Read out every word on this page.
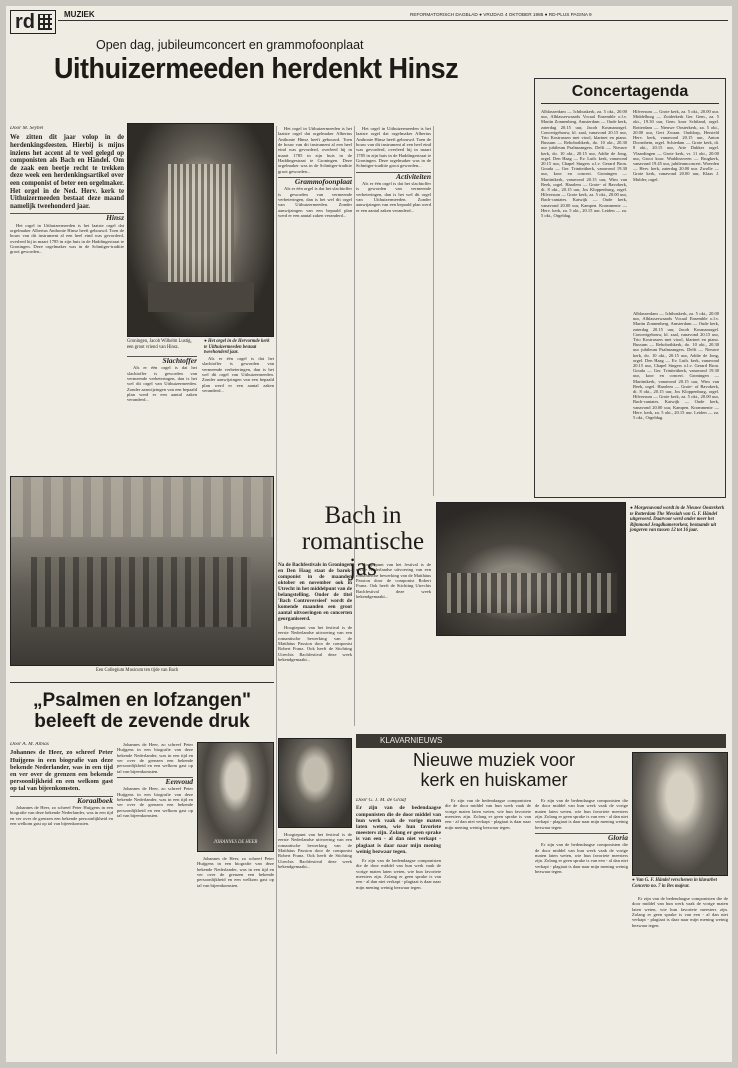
rd	MUZIEK	REFORMATORISCH DAGBLAD ● VRIJDAG 4 OKTOBER 1985 ● RD-PLUS PAGINA 9
Open dag, jubileumconcert en grammofoonplaat
Uithuizermeeden herdenkt Hinsz
Door M. Seybel
We zitten dit jaar volop in de herdenkingsfeesten. Hierbij is mijns inziens het accent al te veel gelegd op componisten als Bach en Händel. Om de zaak een beetje recht te trekken deze week een herdenkingsartikel over een componist of beter een orgelmaker. Het orgel in de Ned. Herv. kerk te Uithuizermeeden bestaat deze maand namelijk tweehonderd jaar.
Hinsz

Het orgel in Uithuizermeeden is het laatste orgel dat orgelmaker Albertus Anthonie Hinsz heeft gebouwd. Toen de bouw van dit instrument al een heel eind was gevorderd, overleed hij in maart 1785 in zijn huis in de Haddingestraat te Groningen. Deze orgelmaker was in de Schnitger-traditie groot geworden...

Groningen, Jacob Wilhelm Lustig, een groot vriend van Hinsz.
● Het orgel in de Hervormde kerk te Uithuizermeeden bestaat tweehonderd jaar.
Slachtoffer

Als er één orgel is dat het slachtoffer is geworden van vermeende verbeteringen, dan is het wel dit orgel van Uithuizermeeden. Zonder aanwijzingen van een bepaald plan werd er een aantal zaken veranderd...

Als er één orgel is dat het slachtoffer is geworden van vermeende verbeteringen, dan is het wel dit orgel van Uithuizermeeden. Zonder aanwijzingen van een bepaald plan werd er een aantal zaken veranderd...

Het orgel in Uithuizermeeden is het laatste orgel dat orgelmaker Albertus Anthonie Hinsz heeft gebouwd. Toen de bouw van dit instrument al een heel eind was gevorderd, overleed hij in maart 1785 in zijn huis in de Haddingestraat te Groningen. Deze orgelmaker was in de Schnitger-traditie groot geworden...

Grammofoonplaat

Als er één orgel is dat het slachtoffer is geworden van vermeende verbeteringen, dan is het wel dit orgel van Uithuizermeeden. Zonder aanwijzingen van een bepaald plan werd er een aantal zaken veranderd...

Het orgel in Uithuizermeeden is het laatste orgel dat orgelmaker Albertus Anthonie Hinsz heeft gebouwd. Toen de bouw van dit instrument al een heel eind was gevorderd, overleed hij in maart 1785 in zijn huis in de Haddingestraat te Groningen. Deze orgelmaker was in de Schnitger-traditie groot geworden...

Activiteiten

Als er één orgel is dat het slachtoffer is geworden van vermeende verbeteringen, dan is het wel dit orgel van Uithuizermeeden. Zonder aanwijzingen van een bepaald plan werd er een aantal zaken veranderd...

Concertagenda

Alblasserdam — Ichthuskerk, za. 5 okt., 20.00 uur, Alblasserwaards Vocaal Ensemble o.l.v. Martin Zonnenberg. Amsterdam — Oude kerk, zaterdag 20.15 uur, Jacob Kosmanorgel. Concertgebouw, kl. zaal, vanavond 20.15 uur, Trio Kostrussen met viool, klarinet en piano. Bussum — Rehobothkerk, do. 10 okt., 20.30 uur jubileum Psalmzangers. Delft — Nieuwe kerk, do. 10 okt., 20.15 uur, Addie de Jong, orgel. Den Haag — Ev. Luth. kerk, vanavond 20.15 uur, Chapel Singers o.l.v. Gerard Bron. Gouda — Ger. Triniteitkerk, vanavond 19.30 uur, koor en concert. Groningen — Martinikerk, vanavond 20.15 uur, Wim van Beek, orgel. Haarlem — Grote- of Bavokerk, di. 8 okt., 20.15 uur, Jos Kloppenburg, orgel. Hilversum — Grote kerk, za. 5 okt., 20.00 uur, Bach-cantates. Katwijk — Oude kerk, vanavond 20.00 uur, Kampen. Krommenie — Herv. kerk, za. 5 okt., 20.15 uur. Leiden — za. 5 okt., Orgeldag.

Hilversum — Grote kerk, za. 5 okt., 20.00 uur. Middelburg — Zuiderkerk Ger. Gem., za. 5 okt., 19.30 uur, Gem. koor Schiland, orgel. Rotterdam — Nieuwe Oosterkerk, za. 5 okt., 20.00 uur, Gert Zwaan. Ouddorp, Hersteld Herv. kerk, vanavond 20.15 uur, Anton Doornhein, orgel. Schiedam — Grote kerk, di. 8 okt., 20.15 uur, Arie Dukker orgel. Vlaardingen — Grote kerk, vr. 11 okt., 20.00 uur, Groot koor. Waddinxveen — Brugkerk, vanavond 19.45 uur, jubileumconcert. Woerden — Herv. kerk, zaterdag 20.00 uur. Zwolle — Grote kerk, vanavond 20.00 uur, Klaas J. Mulder, orgel.

Alblasserdam — Ichthuskerk, za. 5 okt., 20.00 uur, Alblasserwaards Vocaal Ensemble o.l.v. Martin Zonnenberg. Amsterdam — Oude kerk, zaterdag 20.15 uur, Jacob Kosmanorgel. Concertgebouw, kl. zaal, vanavond 20.15 uur, Trio Kostrussen met viool, klarinet en piano. Bussum — Rehobothkerk, do. 10 okt., 20.30 uur jubileum Psalmzangers. Delft — Nieuwe kerk, do. 10 okt., 20.15 uur, Addie de Jong, orgel. Den Haag — Ev. Luth. kerk, vanavond 20.15 uur, Chapel Singers o.l.v. Gerard Bron. Gouda — Ger. Triniteitkerk, vanavond 19.30 uur, koor en concert. Groningen — Martinikerk, vanavond 20.15 uur, Wim van Beek, orgel. Haarlem — Grote- of Bavokerk, di. 8 okt., 20.15 uur, Jos Kloppenburg, orgel. Hilversum — Grote kerk, za. 5 okt., 20.00 uur, Bach-cantates. Katwijk — Oude kerk, vanavond 20.00 uur, Kampen. Krommenie — Herv. kerk, za. 5 okt., 20.15 uur. Leiden — za. 5 okt., Orgeldag.

● Morgenavond wordt in de Nieuwe Oosterkerk te Rotterdam The Messiah van G. F. Händel uitgevoerd. Daarvoor werd onder meer het Rijnmond Jeugdkamerorkest, bestaande uit jongeren van tussen 12 tot 16 jaar.
Een Collegium Musicum ten tijde van Bach
Bach in
romantische jas
Na de Bachfestivals in Groningen en Den Haag staat de barok-componist in de maanden oktober en november ook in Utrecht in het middelpunt van de belangstelling. Onder de titel 'Bach Controversieel' wordt de komende maanden een groot aantal uitvoeringen en concerten georganiseerd.

Hoogtepunt van het festival is de eerste Nederlandse uitvoering van een romantische bewerking van de Matthäus Passion door de componist Robert Franz. Ook heeft de Stichting Utrechts Bachfestival deze week bekendgemaakt...

Hoogtepunt van het festival is de eerste Nederlandse uitvoering van een romantische bewerking van de Matthäus Passion door de componist Robert Franz. Ook heeft de Stichting Utrechts Bachfestival deze week bekendgemaakt...

„Psalmen en lofzangen"
beleeft de zevende druk
Door A. M. Albias
Johannes de Heer, zo schreef Peter Huijgens in een biografie van deze bekende Nederlander, was in een tijd en ver over de grenzen een bekende persoonlijkheid en een welkom gast op tal van bijeenkomsten.
Koraalboek

Johannes de Heer, zo schreef Peter Huijgens in een biografie van deze bekende Nederlander, was in een tijd en ver over de grenzen een bekende persoonlijkheid en een welkom gast op tal van bijeenkomsten.

Johannes de Heer, zo schreef Peter Huijgens in een biografie van deze bekende Nederlander, was in een tijd en ver over de grenzen een bekende persoonlijkheid en een welkom gast op tal van bijeenkomsten.

Eenvoud

Johannes de Heer, zo schreef Peter Huijgens in een biografie van deze bekende Nederlander, was in een tijd en ver over de grenzen een bekende persoonlijkheid en een welkom gast op tal van bijeenkomsten.

JOHANNES DE HEER

Johannes de Heer, zo schreef Peter Huijgens in een biografie van deze bekende Nederlander, was in een tijd en ver over de grenzen een bekende persoonlijkheid en een welkom gast op tal van bijeenkomsten.

KLAVARNIEUWS
Nieuwe muziek voor
kerk en huiskamer

Hoogtepunt van het festival is de eerste Nederlandse uitvoering van een romantische bewerking van de Matthäus Passion door de componist Robert Franz. Ook heeft de Stichting Utrechts Bachfestival deze week bekendgemaakt...

Door G. J. M. de Graaf
Er zijn van de bedendaagse componisten die de door middel van hun werk vaak de vorige maten laten weten, wie hun favoriete meesters zijn. Zolang er geen sprake is van een - al dan niet verkapt - plagiaat is daar naar mijn mening weinig bezwaar tegen.

Er zijn van de bedendaagse componisten die de door middel van hun werk vaak de vorige maten laten weten, wie hun favoriete meesters zijn. Zolang er geen sprake is van een - al dan niet verkapt - plagiaat is daar naar mijn mening weinig bezwaar tegen.

Er zijn van de bedendaagse componisten die de door middel van hun werk vaak de vorige maten laten weten, wie hun favoriete meesters zijn. Zolang er geen sprake is van een - al dan niet verkapt - plagiaat is daar naar mijn mening weinig bezwaar tegen.

Er zijn van de bedendaagse componisten die de door middel van hun werk vaak de vorige maten laten weten, wie hun favoriete meesters zijn. Zolang er geen sprake is van een - al dan niet verkapt - plagiaat is daar naar mijn mening weinig bezwaar tegen.

Gloria

Er zijn van de bedendaagse componisten die de door middel van hun werk vaak de vorige maten laten weten, wie hun favoriete meesters zijn. Zolang er geen sprake is van een - al dan niet verkapt - plagiaat is daar naar mijn mening weinig bezwaar tegen.

● Van G. F. Händel verschenen in klavarbet Concerto no. 7 in Bes majeur.

Er zijn van de bedendaagse componisten die de door middel van hun werk vaak de vorige maten laten weten, wie hun favoriete meesters zijn. Zolang er geen sprake is van een - al dan niet verkapt - plagiaat is daar naar mijn mening weinig bezwaar tegen.
